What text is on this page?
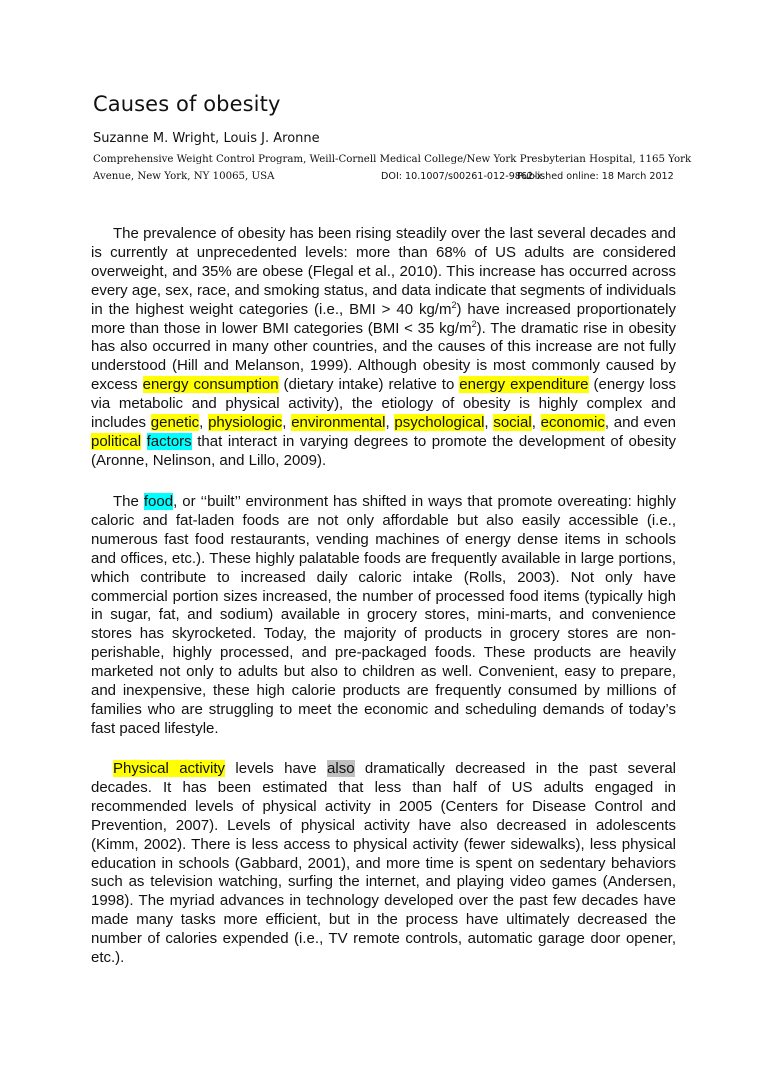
Causes of obesity
Suzanne M. Wright, Louis J. Aronne
Comprehensive Weight Control Program, Weill-Cornell Medical College/New York Presbyterian Hospital, 1165 York
Avenue, New York, NY 10065, USA	DOI: 10.1007/s00261-012-9862-x
Published online: 18 March 2012

The prevalence of obesity has been rising steadily over the last several decades and is currently at unprecedented levels: more than 68% of US adults are considered overweight, and 35% are obese (Flegal et al., 2010). This increase has occurred across every age, sex, race, and smoking status, and data indicate that segments of individuals in the highest weight categories (i.e., BMI > 40 $kg/m^2$) have increased proportionately more than those in lower BMI categories (BMI < 35 $kg/m^2$). The dramatic rise in obesity has also occurred in many other countries, and the causes of this increase are not fully understood (Hill and Melanson, 1999). Although obesity is most commonly caused by excess energy consumption (dietary intake) relative to energy expenditure (energy loss via metabolic and physical activity), the etiology of obesity is highly complex and includes genetic, physiologic, environmental, psychological, social, economic, and even political factors that interact in varying degrees to promote the development of obesity (Aronne, Nelinson, and Lillo, 2009).

The food, or ‘‘built’’ environment has shifted in ways that promote overeating: highly caloric and fat-laden foods are not only affordable but also easily accessible (i.e., numerous fast food restaurants, vending machines of energy dense items in schools and offices, etc.). These highly palatable foods are frequently available in large portions, which contribute to increased daily caloric intake (Rolls, 2003). Not only have commercial portion sizes increased, the number of processed food items (typically high in sugar, fat, and sodium) available in grocery stores, mini-marts, and convenience stores has skyrocketed. Today, the majority of products in grocery stores are non-perishable, highly processed, and pre-packaged foods. These products are heavily marketed not only to adults but also to children as well. Convenient, easy to prepare, and inexpensive, these high calorie products are frequently consumed by millions of families who are struggling to meet the economic and scheduling demands of today’s fast paced lifestyle.

Physical activity levels have also dramatically decreased in the past several decades. It has been estimated that less than half of US adults engaged in recommended levels of physical activity in 2005 (Centers for Disease Control and Prevention, 2007). Levels of physical activity have also decreased in adolescents (Kimm, 2002). There is less access to physical activity (fewer sidewalks), less physical education in schools (Gabbard, 2001), and more time is spent on sedentary behaviors such as television watching, surfing the internet, and playing video games (Andersen, 1998). The myriad advances in technology developed over the past few decades have made many tasks more efficient, but in the process have ultimately decreased the number of calories expended (i.e., TV remote controls, automatic garage door opener, etc.).
